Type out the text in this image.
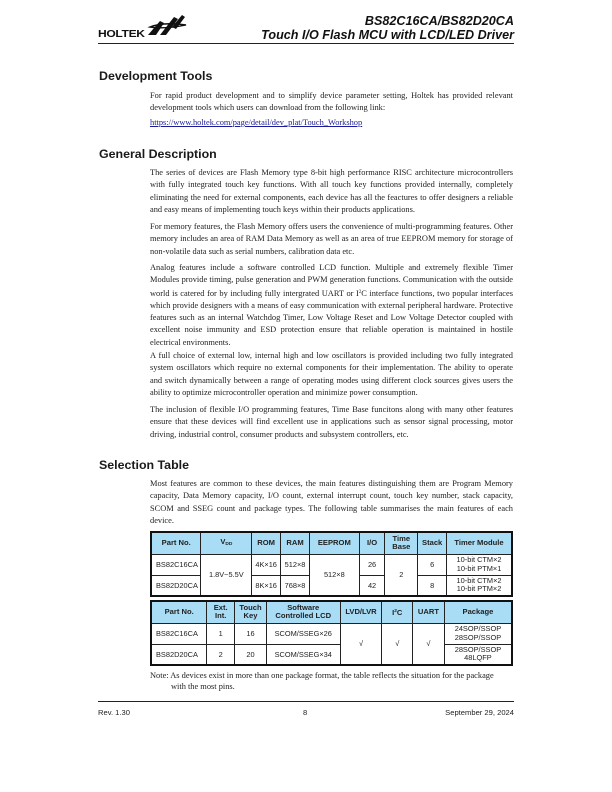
HOLTEK
BS82C16CA/BS82D20CA
Touch I/O Flash MCU with LCD/LED Driver
Development Tools

For rapid product development and to simplify device parameter setting, Holtek has provided relevant development tools which users can download from the following link:

https://www.holtek.com/page/detail/dev_plat/Touch_Workshop

General Description

The series of devices are Flash Memory type 8-bit high performance RISC architecture microcontrollers with fully integrated touch key functions. With all touch key functions provided internally, completely eliminating the need for external components, each device has all the feactures to offer designers a reliable and easy means of implementing touch keys within their products applications.

For memory features, the Flash Memory offers users the convenience of multi-programming features. Other memory includes an area of RAM Data Memory as well as an area of true EEPROM memory for storage of non-volatile data such as serial numbers, calibration data etc.

Analog features include a software controlled LCD function. Multiple and extremely flexible Timer Modules provide timing, pulse generation and PWM generation functions. Communication with the outside world is catered for by including fully intergrated UART or $I^2C$ interface functions, two popular interfaces which provide designers with a means of easy communication with external peripheral hardware. Protective features such as an internal Watchdog Timer, Low Voltage Reset and Low Voltage Detector coupled with excellent noise immunity and ESD protection ensure that reliable operation is maintained in hostile electrical environments.

A full choice of external low, internal high and low oscillators is provided including two fully integrated system oscillators which require no external components for their implementation. The ability to operate and switch dynamically between a range of operating modes using different clock sources gives users the ability to optimize microcontroller operation and minimize power consumption.

The inclusion of flexible I/O programming features, Time Base funcitons along with many other features ensure that these devices will find excellent use in applications such as sensor signal processing, motor driving, industrial control, consumer products and subsystem controllers, etc.

Selection Table

Most features are common to these devices, the main features distinguishing them are Program Memory capacity, Data Memory capacity, I/O count, external interrupt count, touch key number, stack capacity, SCOM and SSEG count and package types. The following table summarises the main features of each device.

Part No.	$V_{DD}$	ROM	RAM	EEPROM	I/O	Time
Base	Stack	Timer Module
BS82C16CA	1.8V~5.5V	4K×16	512×8	512×8	26	2	6	10-bit CTM×2
10-bit PTM×1
BS82D20CA		8K×16	768×8		42		8	10-bit CTM×2
10-bit PTM×2
Part No.	Ext.
Int.	Touch
Key	Software
Controlled LCD	LVD/LVR	$I^2C$	UART	Package
BS82C16CA	1	16	SCOM/SSEG×26	√	√	√	24SOP/SSOP
28SOP/SSOP
BS82D20CA	2	20	SCOM/SSEG×34				28SOP/SSOP
48LQFP
Note: As devices exist in more than one package format, the table reflects the situation for the package
with the most pins.
Rev. 1.30	8	September 29, 2024
